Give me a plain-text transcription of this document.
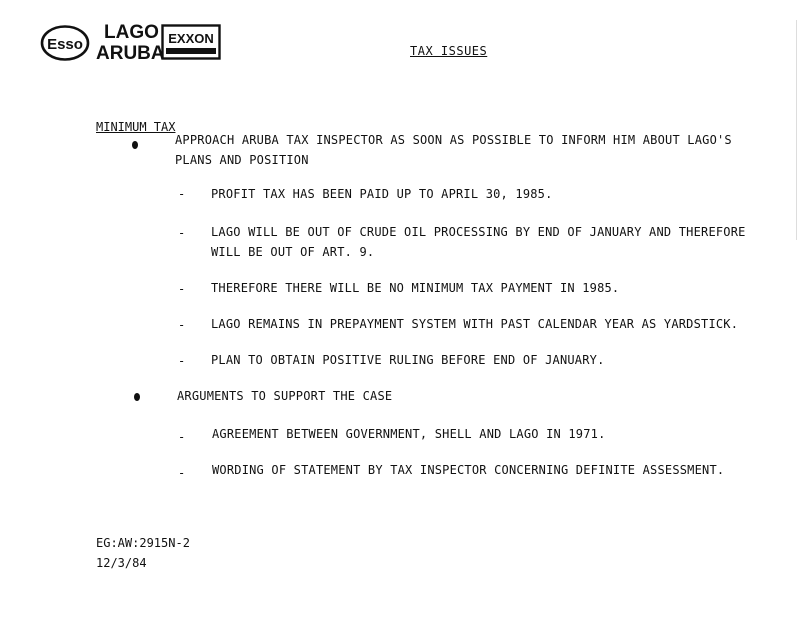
Esso
LAGO
ARUBA
EXXON
TAX ISSUES
MINIMUM TAX
APPROACH ARUBA TAX INSPECTOR AS SOON AS POSSIBLE TO INFORM HIM ABOUT LAGO'S
PLANS AND POSITION
- PROFIT TAX HAS BEEN PAID UP TO APRIL 30, 1985.
- LAGO WILL BE OUT OF CRUDE OIL PROCESSING BY END OF JANUARY AND THEREFORE
WILL BE OUT OF ART. 9.
- THEREFORE THERE WILL BE NO MINIMUM TAX PAYMENT IN 1985.
- LAGO REMAINS IN PREPAYMENT SYSTEM WITH PAST CALENDAR YEAR AS YARDSTICK.
- PLAN TO OBTAIN POSITIVE RULING BEFORE END OF JANUARY.
ARGUMENTS TO SUPPORT THE CASE
- AGREEMENT BETWEEN GOVERNMENT, SHELL AND LAGO IN 1971.
- WORDING OF STATEMENT BY TAX INSPECTOR CONCERNING DEFINITE ASSESSMENT.
EG:AW:2915N-2
12/3/84
